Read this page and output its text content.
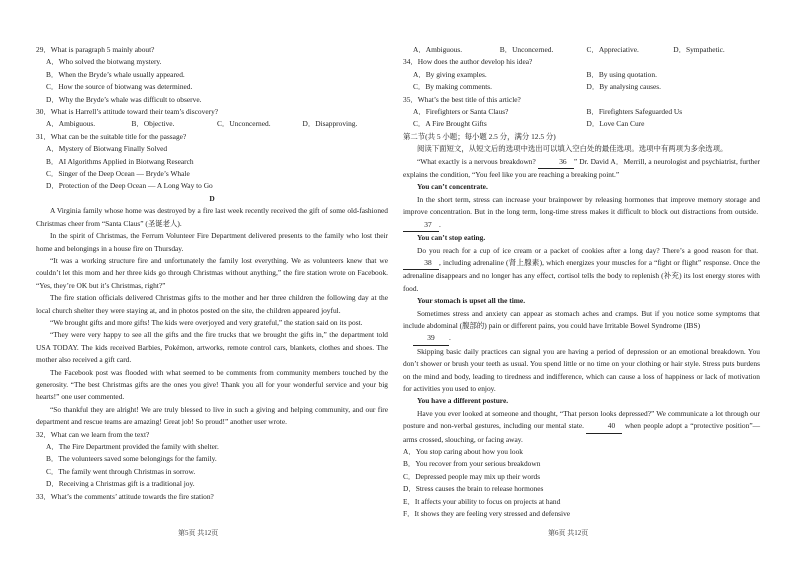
29．What is paragraph 5 mainly about?
A．Who solved the biotwang mystery.
B．When the Bryde’s whale usually appeared.
C．How the source of biotwang was determined.
D．Why the Bryde’s whale was difficult to observe.
30．What is Harrell’s attitude toward their team’s discovery?
A．Ambiguous.	B．Objective.	C．Unconcerned.	D．Disapproving.
31．What can be the suitable title for the passage?
A．Mystery of Biotwang Finally Solved
B．AI Algorithms Applied in Biotwang Research
C．Singer of the Deep Ocean — Bryde’s Whale
D．Protection of the Deep Ocean — A Long Way to Go
D
A Virginia family whose home was destroyed by a fire last week recently received the gift of some old-fashioned Christmas cheer from “Santa Claus” (圣诞老人).
In the spirit of Christmas, the Ferrum Volunteer Fire Department delivered presents to the family who lost their home and belongings in a house fire on Thursday.
“It was a working structure fire and unfortunately the family lost everything. We as volunteers knew that we couldn’t let this mom and her three kids go through Christmas without anything,” the fire station wrote on Facebook. “Yes, they’re OK but it’s Christmas, right?”
The fire station officials delivered Christmas gifts to the mother and her three children the following day at the local church shelter they were staying at, and in photos posted on the site, the children appeared joyful.
“We brought gifts and more gifts! The kids were overjoyed and very grateful,” the station said on its post.
“They were very happy to see all the gifts and the fire trucks that we brought the gifts in,” the department told USA TODAY. The kids received Barbies, Pokémon, artworks, remote control cars, blankets, clothes and shoes. The mother also received a gift card.
The Facebook post was flooded with what seemed to be comments from community members touched by the generosity. “The best Christmas gifts are the ones you give! Thank you all for your wonderful service and your big hearts!” one user commented.
“So thankful they are alright! We are truly blessed to live in such a giving and helping community, and our fire department and rescue teams are amazing! Great job! So proud!” another user wrote.
32．What can we learn from the text?
A．The Fire Department provided the family with shelter.
B．The volunteers saved some belongings for the family.
C．The family went through Christmas in sorrow.
D．Receiving a Christmas gift is a traditional joy.
33．What’s the comments’ attitude towards the fire station?
第5页 共12页
A．Ambiguous.	B．Unconcerned.	C．Appreciative.	D．Sympathetic.
34．How does the author develop his idea?
A．By giving examples.	B．By using quotation.
C．By making comments.	D．By analysing causes.
35．What’s the best title of this article?
A．Firefighters or Santa Claus?	B．Firefighters Safeguarded Us
C．A Fire Brought Gifts	D．Love Can Cure
第二节(共 5 小题；每小题 2.5 分，满分 12.5 分)
阅读下面短文，从短文后的选项中选出可以填入空白处的最佳选项。选项中有两项为多余选项。
“What exactly is a nervous breakdown?	36 ” Dr. David A．Merrill, a neurologist and psychiatrist, further explains the condition, “You feel like you are reaching a breaking point.”
You can’t concentrate.
In the short term, stress can increase your brainpower by releasing hormones that improve memory storage and improve concentration. But in the long term, long-time stress makes it difficult to block out distractions from outside. 37 .
You can’t stop eating.
Do you reach for a cup of ice cream or a packet of cookies after a long day? There’s a good reason for that. 38 , including adrenaline (肾上腺素), which energizes your muscles for a “fight or flight” response. Once the adrenaline disappears and no longer has any effect, cortisol tells the body to replenish (补充) its lost energy stores with food.
Your stomach is upset all the time.
Sometimes stress and anxiety can appear as stomach aches and cramps. But if you notice some symptoms that include abdominal (腹部的) pain or different pains, you could have Irritable Bowel Syndrome (IBS)
39 .
Skipping basic daily practices can signal you are having a period of depression or an emotional breakdown. You don’t shower or brush your teeth as usual. You spend little or no time on your clothing or hair style. Stress puts burdens on the mind and body, leading to tiredness and indifference, which can cause a loss of happiness or lack of motivation for activities you used to enjoy.
You have a different posture.
Have you ever looked at someone and thought, “That person looks depressed?” We communicate a lot through our posture and non-verbal gestures, including our mental state.	40 when people adopt a “protective position”—arms crossed, slouching, or facing away.
A．You stop caring about how you look
B．You recover from your serious breakdown
C．Depressed people may mix up their words
D．Stress causes the brain to release hormones
E．It affects your ability to focus on projects at hand
F．It shows they are feeling very stressed and defensive
第6页 共12页
